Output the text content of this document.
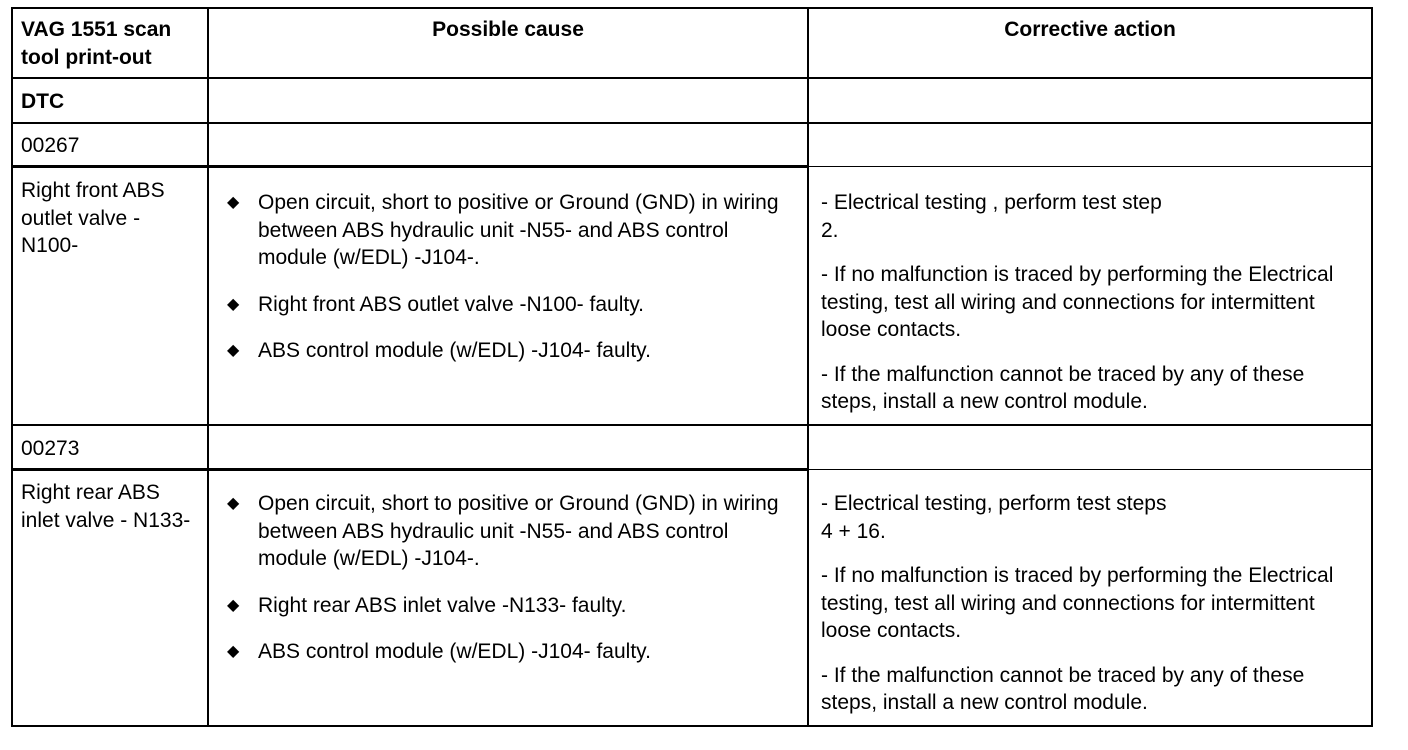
VAG 1551 scan tool print-out
Possible cause	Corrective action
DTC
00267
Right front ABS outlet valve - N100-
◆ Open circuit, short to positive or Ground (GND) in wiring between ABS hydraulic unit -N55- and ABS control module (w/EDL) -J104-.
◆ Right front ABS outlet valve -N100- faulty.
◆ ABS control module (w/EDL) -J104- faulty.

- Electrical testing , perform test step 2.

- If no malfunction is traced by performing the Electrical testing, test all wiring and connections for intermittent loose contacts.

- If the malfunction cannot be traced by any of these steps, install a new control module.

00273
Right rear ABS inlet valve - N133-
◆ Open circuit, short to positive or Ground (GND) in wiring between ABS hydraulic unit -N55- and ABS control module (w/EDL) -J104-.
◆ Right rear ABS inlet valve -N133- faulty.
◆ ABS control module (w/EDL) -J104- faulty.

- Electrical testing, perform test steps 4 + 16.

- If no malfunction is traced by performing the Electrical testing, test all wiring and connections for intermittent loose contacts.

- If the malfunction cannot be traced by any of these steps, install a new control module.
